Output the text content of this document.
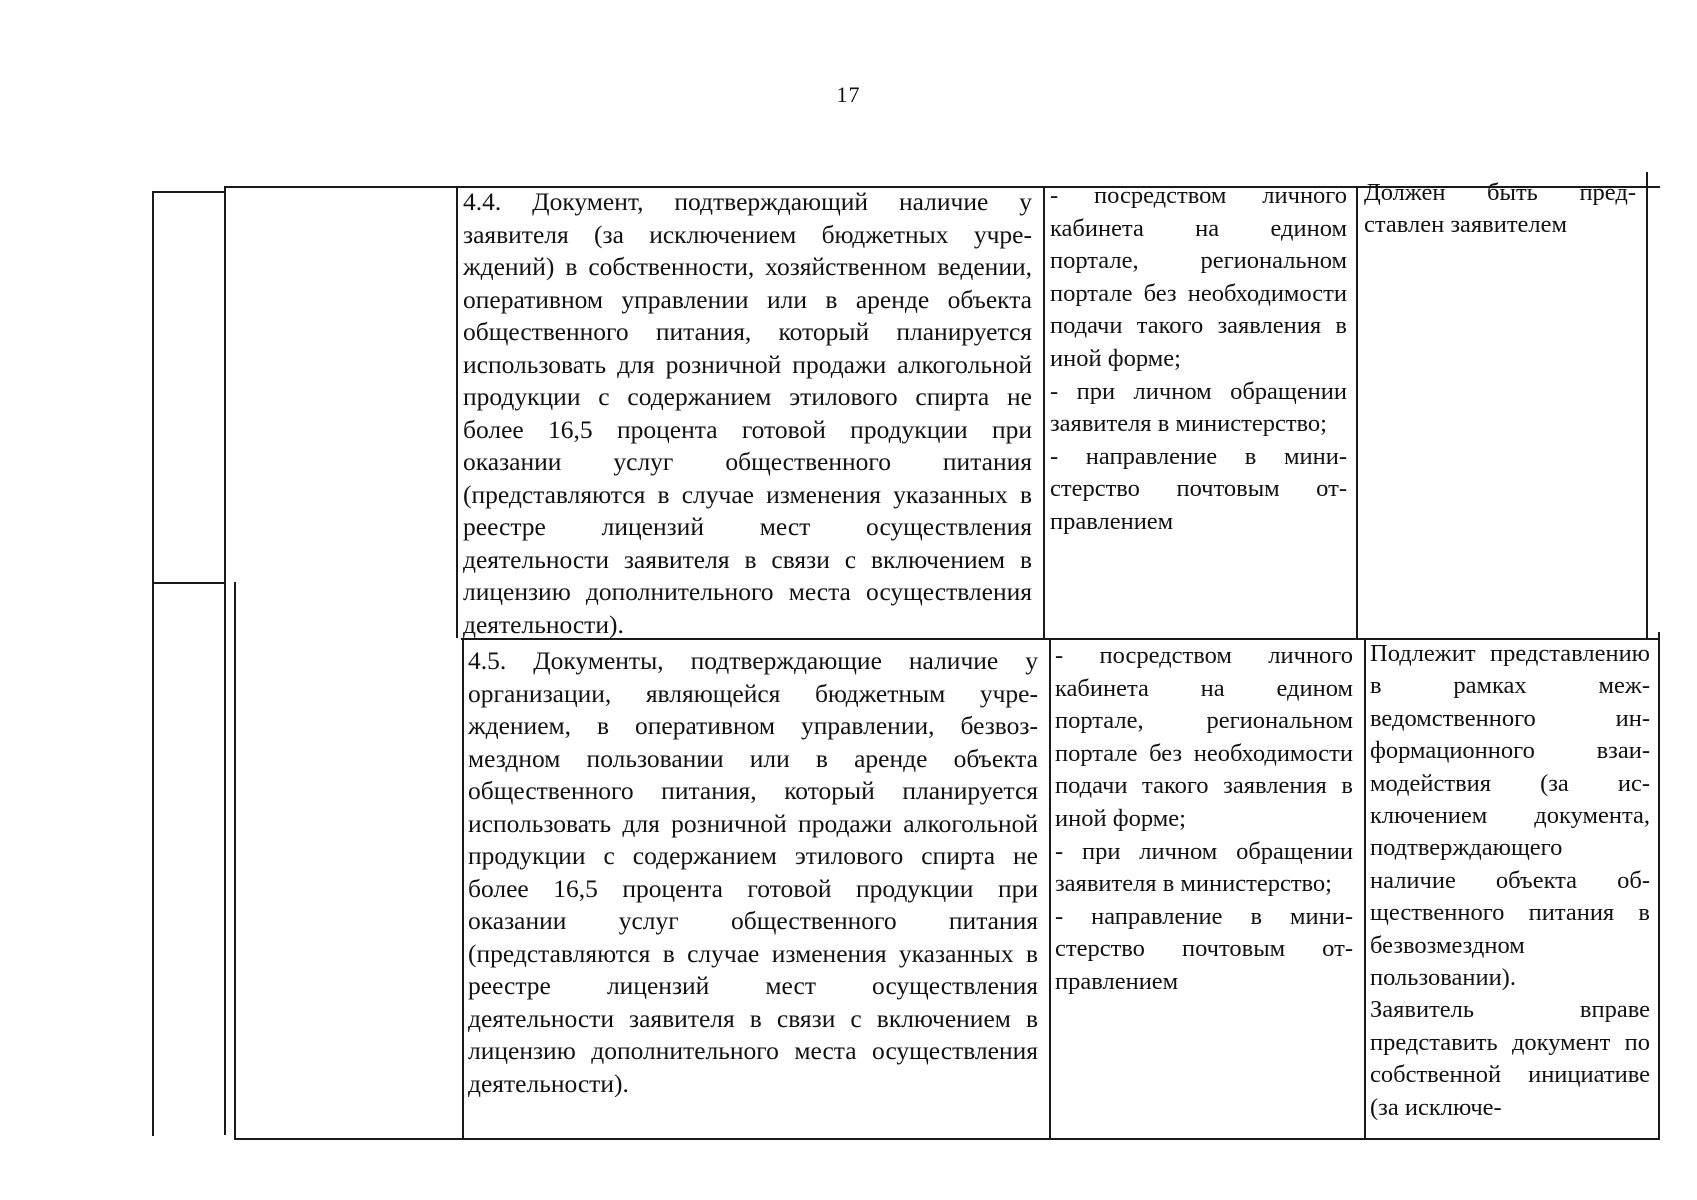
17

4.4. Документ, подтверждающий наличие у заявителя (за исключением бюджетных учреждений) в собственности, хозяйственном ведении, оперативном управлении или в аренде объекта общественного питания, который планируется использовать для розничной продажи алкогольной продукции с содержанием этилового спирта не более 16,5 процента готовой продукции при оказании услуг общественного питания (представляются в случае изменения указанных в реестре лицензий мест осуществления деятельности заявителя в связи с включением в лицензию дополнительного места осуществления деятельности).

- посредством личного кабинета на едином портале, региональном портале без необходимости подачи такого заявления в иной форме;

- при личном обращении заявителя в министерство;

- направление в министерство почтовым отправлением

Должен быть представлен заявителем

4.5. Документы, подтверждающие наличие у организации, являющейся бюджетным учреждением, в оперативном управлении, безвозмездном пользовании или в аренде объекта общественного питания, который планируется использовать для розничной продажи алкогольной продукции с содержанием этилового спирта не более 16,5 процента готовой продукции при оказании услуг общественного питания (представляются в случае изменения указанных в реестре лицензий мест осуществления деятельности заявителя в связи с включением в лицензию дополнительного места осуществления деятельности).

- посредством личного кабинета на едином портале, региональном портале без необходимости подачи такого заявления в иной форме;

- при личном обращении заявителя в министерство;

- направление в министерство почтовым отправлением

Подлежит представлению в рамках межведомственного информационного взаимодействия (за исключением документа, подтверждающего наличие объекта общественного питания в безвозмездном пользовании).

Заявитель вправе представить документ по собственной инициативе (за исключе-
